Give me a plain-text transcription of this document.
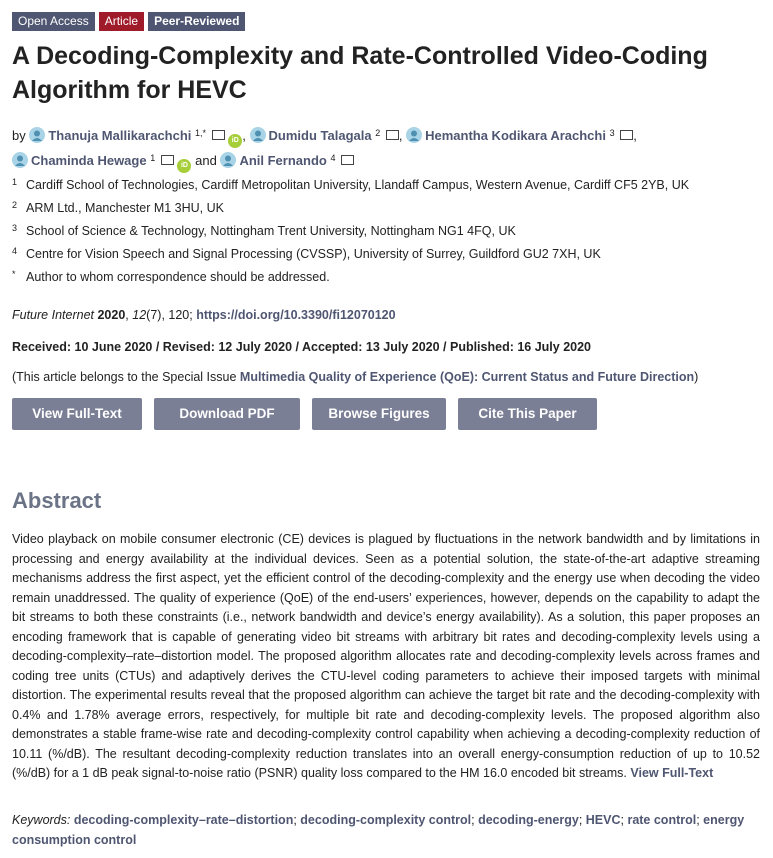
Open Access	Article	Peer-Reviewed
A Decoding-Complexity and Rate-Controlled Video-Coding Algorithm for HEVC
by Thanuja Mallikarachchi $^{1,*}$  iD , Dumidu Talagala $^2$ , Hemantha Kodikara Arachchi $^3$ ,
Chaminda Hewage $^1$  iD and Anil Fernando $^4$
1 Cardiff School of Technologies, Cardiff Metropolitan University, Llandaff Campus, Western Avenue, Cardiff CF5 2YB, UK
2 ARM Ltd., Manchester M1 3HU, UK
3 School of Science & Technology, Nottingham Trent University, Nottingham NG1 4FQ, UK
4 Centre for Vision Speech and Signal Processing (CVSSP), University of Surrey, Guildford GU2 7XH, UK
* Author to whom correspondence should be addressed.
Future Internet 2020, 12(7), 120; https://doi.org/10.3390/fi12070120
Received: 10 June 2020 / Revised: 12 July 2020 / Accepted: 13 July 2020 / Published: 16 July 2020
(This article belongs to the Special Issue Multimedia Quality of Experience (QoE): Current Status and Future Direction)
View Full-Text	Download PDF	Browse Figures	Cite This Paper
Abstract

Video playback on mobile consumer electronic (CE) devices is plagued by fluctuations in the network bandwidth and by limitations in processing and energy availability at the individual devices. Seen as a potential solution, the state-of-the-art adaptive streaming mechanisms address the first aspect, yet the efficient control of the decoding-complexity and the energy use when decoding the video remain unaddressed. The quality of experience (QoE) of the end-users’ experiences, however, depends on the capability to adapt the bit streams to both these constraints (i.e., network bandwidth and device’s energy availability). As a solution, this paper proposes an encoding framework that is capable of generating video bit streams with arbitrary bit rates and decoding-complexity levels using a decoding-complexity–rate–distortion model. The proposed algorithm allocates rate and decoding-complexity levels across frames and coding tree units (CTUs) and adaptively derives the CTU-level coding parameters to achieve their imposed targets with minimal distortion. The experimental results reveal that the proposed algorithm can achieve the target bit rate and the decoding-complexity with 0.4% and 1.78% average errors, respectively, for multiple bit rate and decoding-complexity levels. The proposed algorithm also demonstrates a stable frame-wise rate and decoding-complexity control capability when achieving a decoding-complexity reduction of 10.11 (%/dB). The resultant decoding-complexity reduction translates into an overall energy-consumption reduction of up to 10.52 (%/dB) for a 1 dB peak signal-to-noise ratio (PSNR) quality loss compared to the HM 16.0 encoded bit streams. View Full-Text

Keywords: decoding-complexity–rate–distortion; decoding-complexity control; decoding-energy; HEVC; rate control; energy consumption control
